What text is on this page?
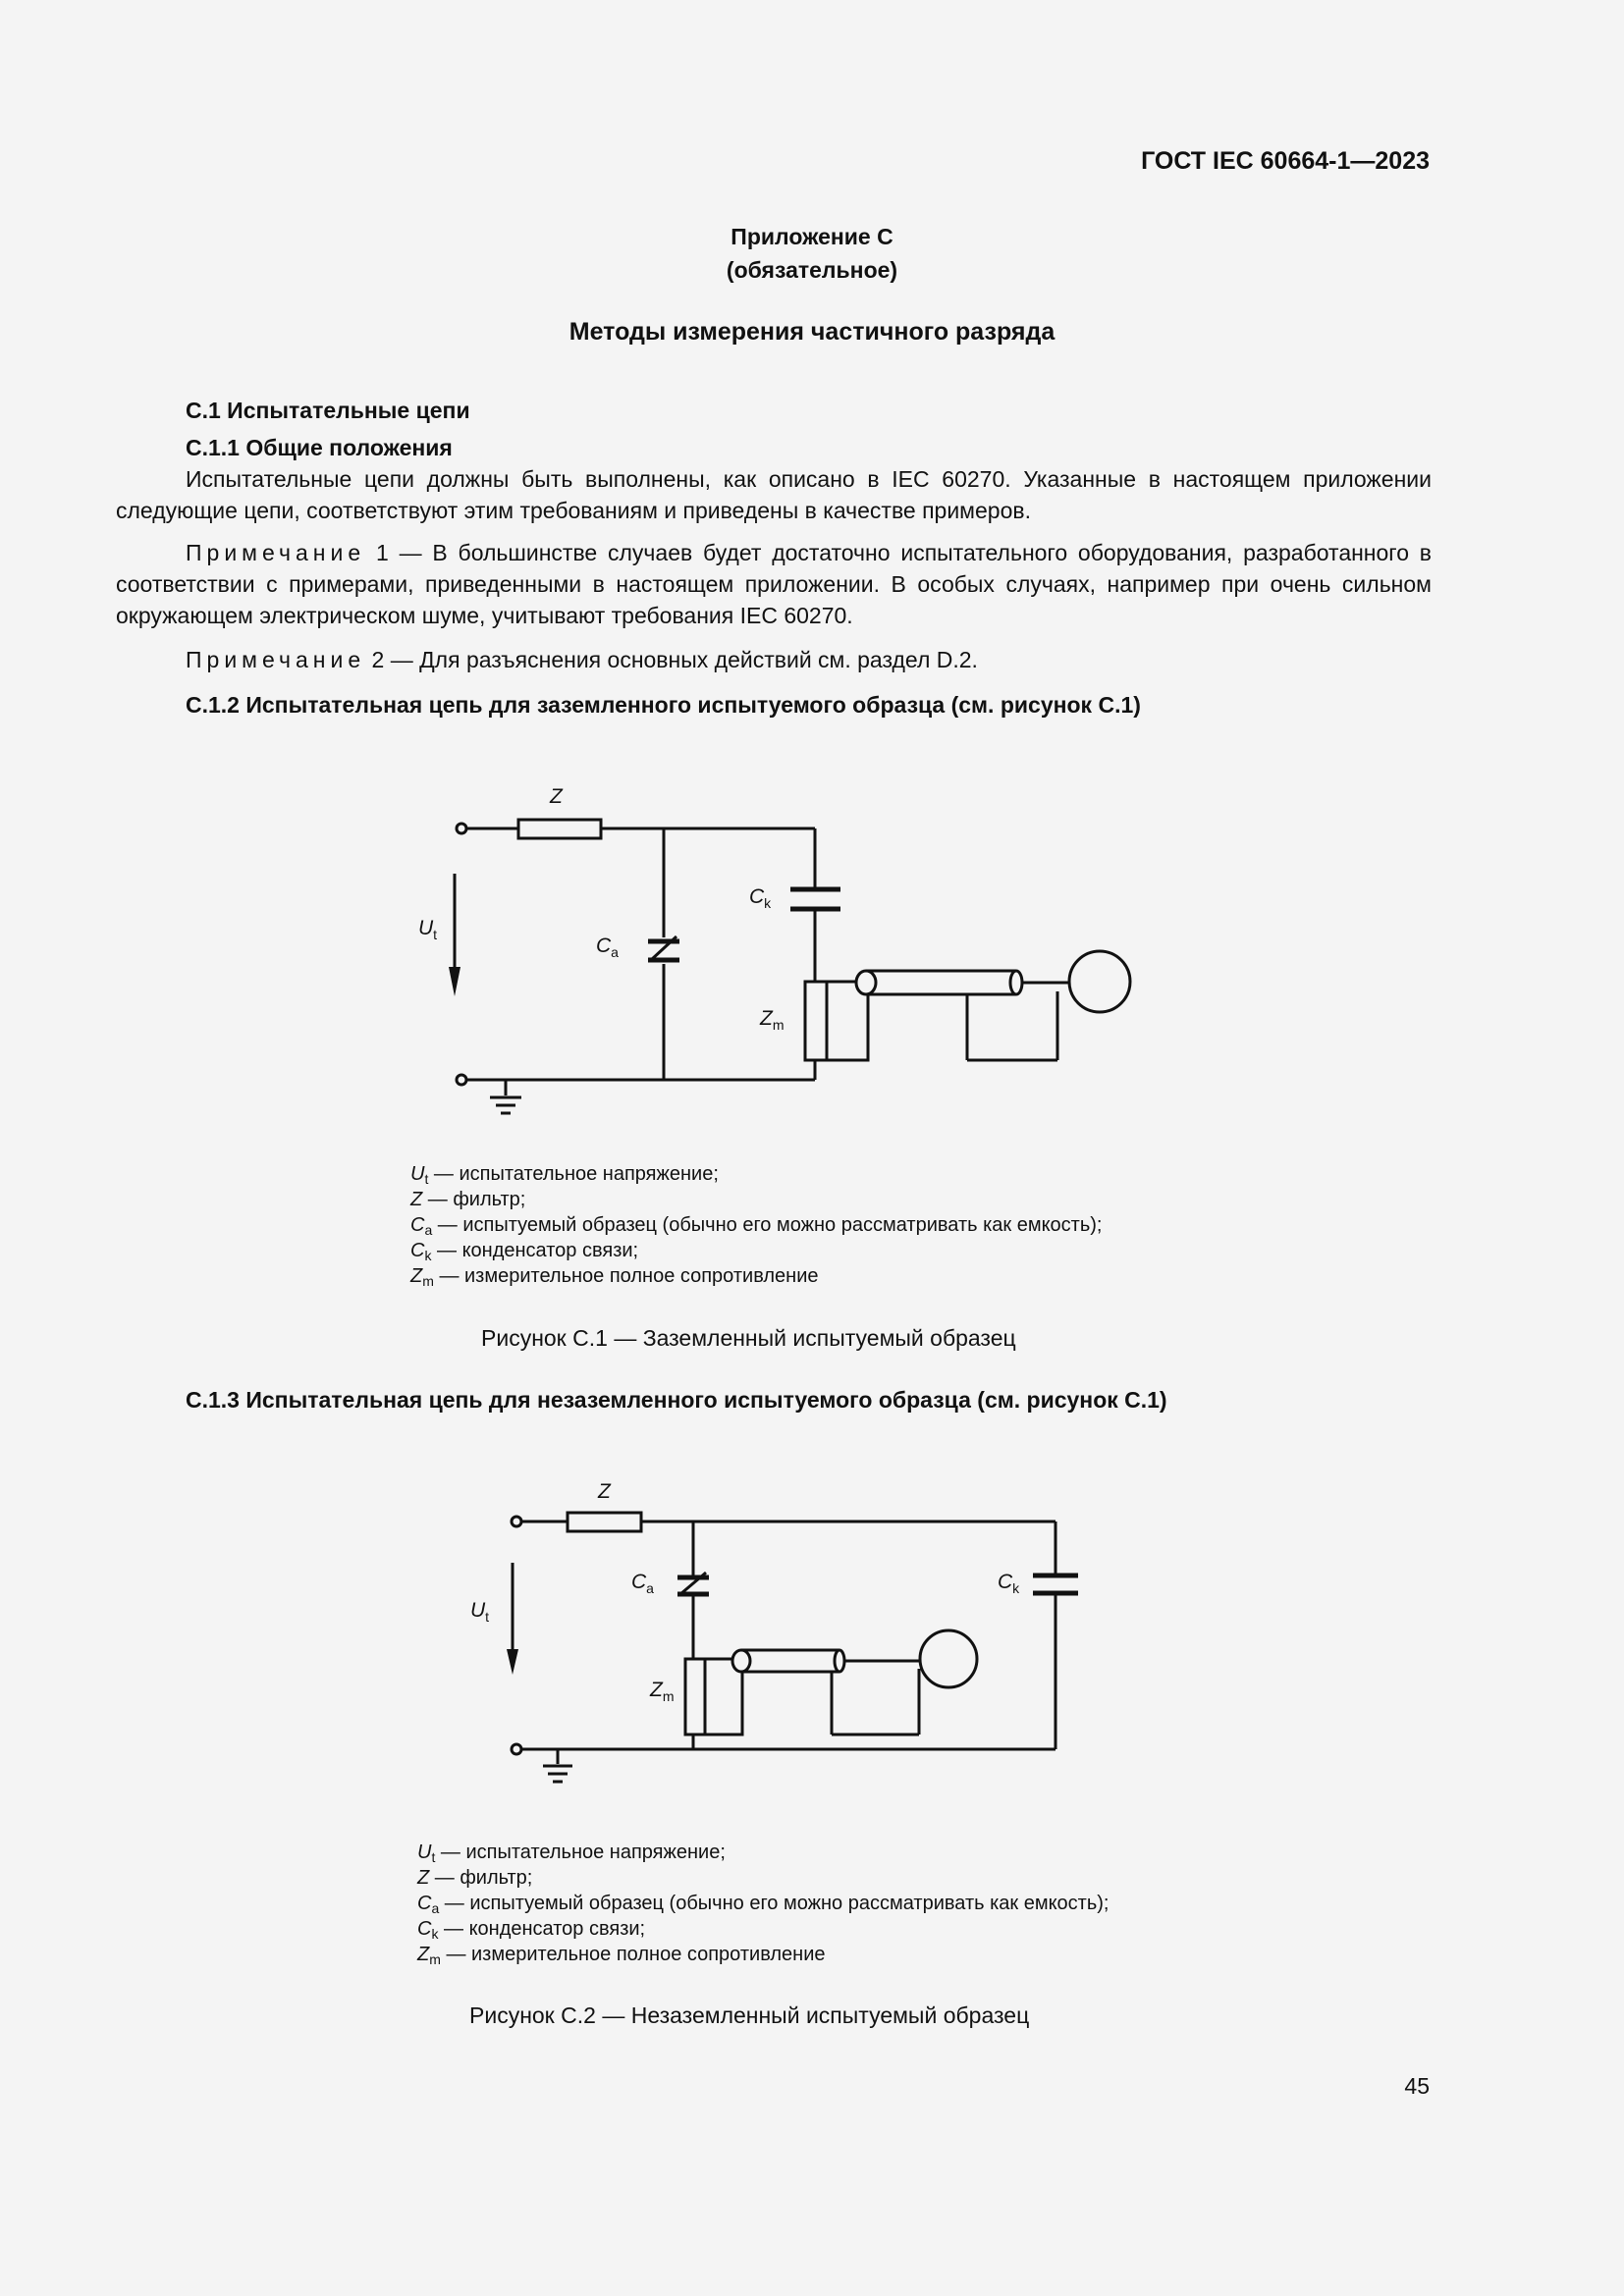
ГОСТ IEC 60664-1—2023
Приложение С
(обязательное)
Методы измерения частичного разряда
С.1 Испытательные цепи
С.1.1 Общие положения

Испытательные цепи должны быть выполнены, как описано в IEC 60270. Указанные в настоящем приложении следующие цепи, соответствуют этим требованиям и приведены в качестве примеров.

Примечание 1 — В большинстве случаев будет достаточно испытательного оборудования, разработанного в соответствии с примерами, приведенными в настоящем приложении. В особых случаях, например при очень сильном окружающем электрическом шуме, учитывают требования IEC 60270.

Примечание 2 — Для разъяснения основных действий см. раздел D.2.

С.1.2 Испытательная цепь для заземленного испытуемого образца (см. рисунок С.1)
Z
$U_t$
$C_k$
$C_a$
$Z_m$
$U_t$ — испытательное напряжение;
Z — фильтр;
$C_a$ — испытуемый образец (обычно его можно рассматривать как емкость);
$C_k$ — конденсатор связи;
$Z_m$ — измерительное полное сопротивление
Рисунок С.1 — Заземленный испытуемый образец
С.1.3 Испытательная цепь для незаземленного испытуемого образца (см. рисунок С.1)
Z
$U_t$
$C_a$	$C_k$
$Z_m$
$U_t$ — испытательное напряжение;
Z — фильтр;
$C_a$ — испытуемый образец (обычно его можно рассматривать как емкость);
$C_k$ — конденсатор связи;
$Z_m$ — измерительное полное сопротивление
Рисунок С.2 — Незаземленный испытуемый образец
45
